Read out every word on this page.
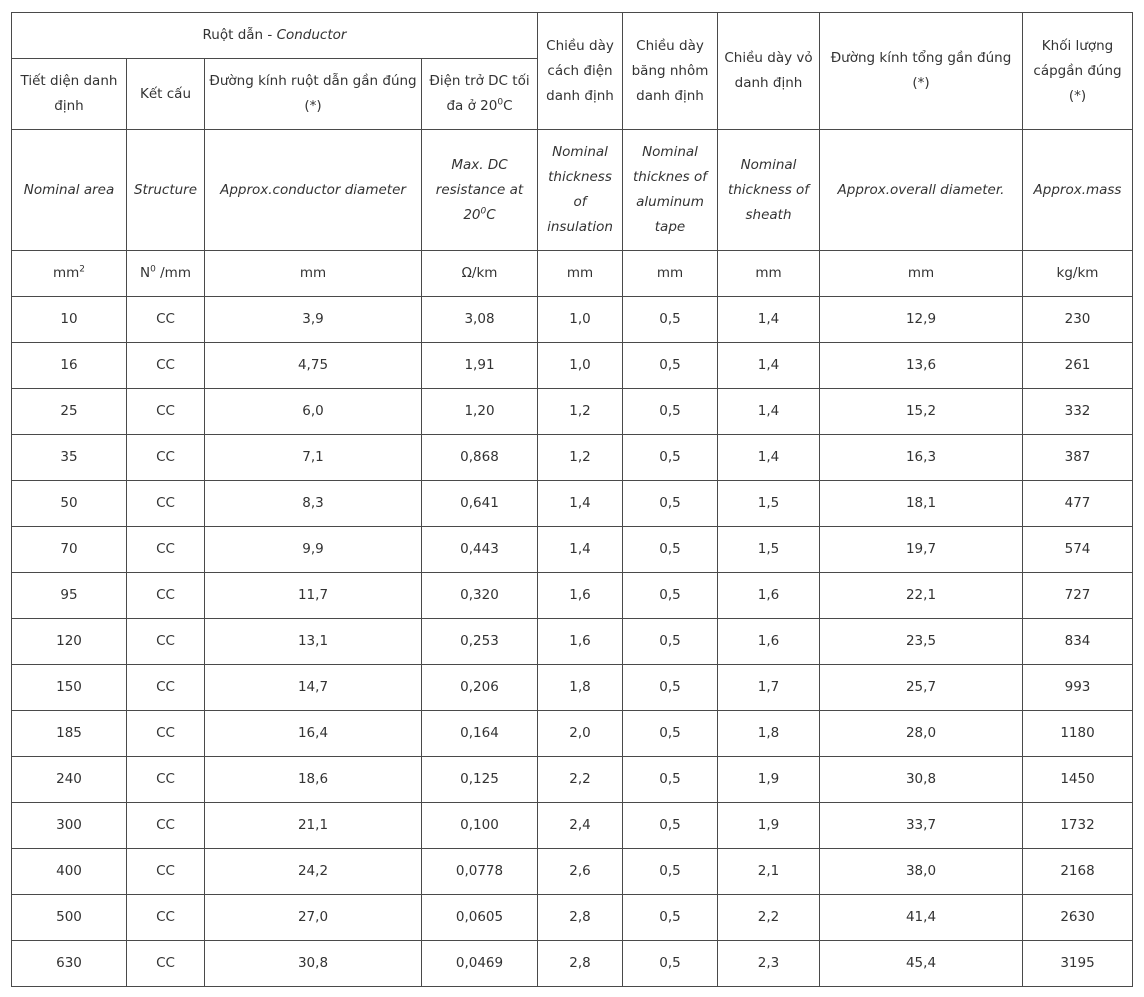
Ruột dẫn - Conductor				Chiều dày cách điện danh định	Chiều dày băng nhôm danh định	Chiều dày vỏ danh định	Đường kính tổng gần đúng (*)	Khối lượng cápgần đúng (*)
Tiết diện danh định	Kết cấu	Đường kính ruột dẫn gần đúng (*)	Điện trở DC tối đa ở $20^0C$					
Nominal area	Structure	Approx.conductor diameter	Max. DC resistance at $20^0C$	Nominal thickness of insulation	Nominal thicknes of aluminum tape	Nominal thickness of sheath	Approx.overall diameter.	Approx.mass
$mm^2$	$N^0$ /mm	mm	Ω/km	mm	mm	mm	mm	kg/km
10	CC	3,9	3,08	1,0	0,5	1,4	12,9	230
16	CC	4,75	1,91	1,0	0,5	1,4	13,6	261
25	CC	6,0	1,20	1,2	0,5	1,4	15,2	332
35	CC	7,1	0,868	1,2	0,5	1,4	16,3	387
50	CC	8,3	0,641	1,4	0,5	1,5	18,1	477
70	CC	9,9	0,443	1,4	0,5	1,5	19,7	574
95	CC	11,7	0,320	1,6	0,5	1,6	22,1	727
120	CC	13,1	0,253	1,6	0,5	1,6	23,5	834
150	CC	14,7	0,206	1,8	0,5	1,7	25,7	993
185	CC	16,4	0,164	2,0	0,5	1,8	28,0	1180
240	CC	18,6	0,125	2,2	0,5	1,9	30,8	1450
300	CC	21,1	0,100	2,4	0,5	1,9	33,7	1732
400	CC	24,2	0,0778	2,6	0,5	2,1	38,0	2168
500	CC	27,0	0,0605	2,8	0,5	2,2	41,4	2630
630	CC	30,8	0,0469	2,8	0,5	2,3	45,4	3195
